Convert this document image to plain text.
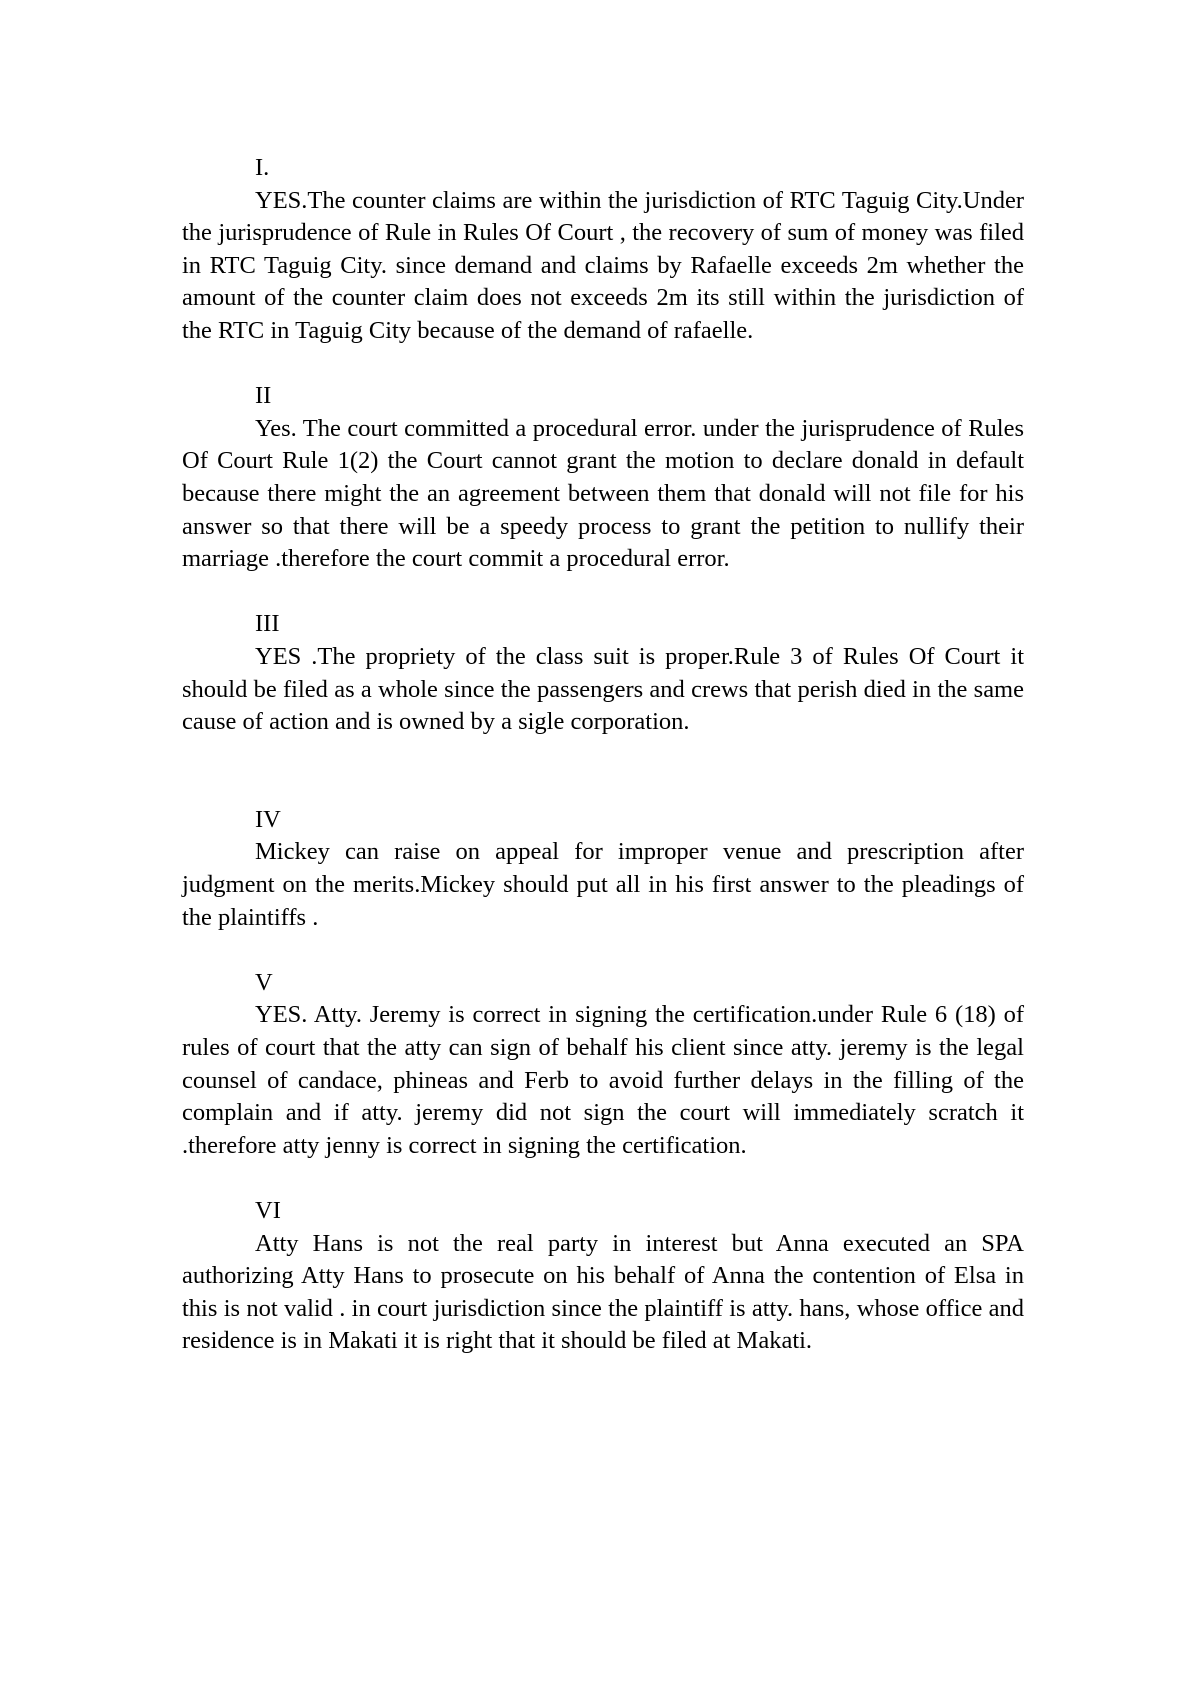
I.

YES.The counter claims are within the jurisdiction of RTC Taguig City.Under the jurisprudence of Rule in Rules Of Court , the recovery of sum of money was filed in RTC Taguig City. since demand and claims by Rafaelle exceeds 2m whether the amount of the counter claim does not exceeds 2m its still within the jurisdiction of the RTC in Taguig City because of the demand of rafaelle.

II

Yes. The court committed a procedural error. under the jurisprudence of Rules Of Court Rule 1(2) the Court cannot grant the motion to declare donald in default because there might the an agreement between them that donald will not file for his answer so that there will be a speedy process to grant the petition to nullify their marriage .therefore the court commit a procedural error.

III

YES .The propriety of the class suit is proper.Rule 3 of Rules Of Court it should be filed as a whole since the passengers and crews that perish died in the same cause of action and is owned by a sigle corporation.

IV

Mickey can raise on appeal for improper venue and prescription after judgment on the merits.Mickey should put all in his first answer to the pleadings of the plaintiffs .

V

YES. Atty. Jeremy is correct in signing the certification.under Rule 6 (18) of rules of court that the atty can sign of behalf his client since atty. jeremy is the legal counsel of candace, phineas and Ferb to avoid further delays in the filling of the complain and if atty. jeremy did not sign the court will immediately scratch it .therefore atty jenny is correct in signing the certification.

VI

Atty Hans is not the real party in interest but Anna executed an SPA authorizing Atty Hans to prosecute on his behalf of Anna the contention of Elsa in this is not valid . in court jurisdiction since the plaintiff is atty. hans, whose office and residence is in Makati it is right that it should be filed at Makati.
